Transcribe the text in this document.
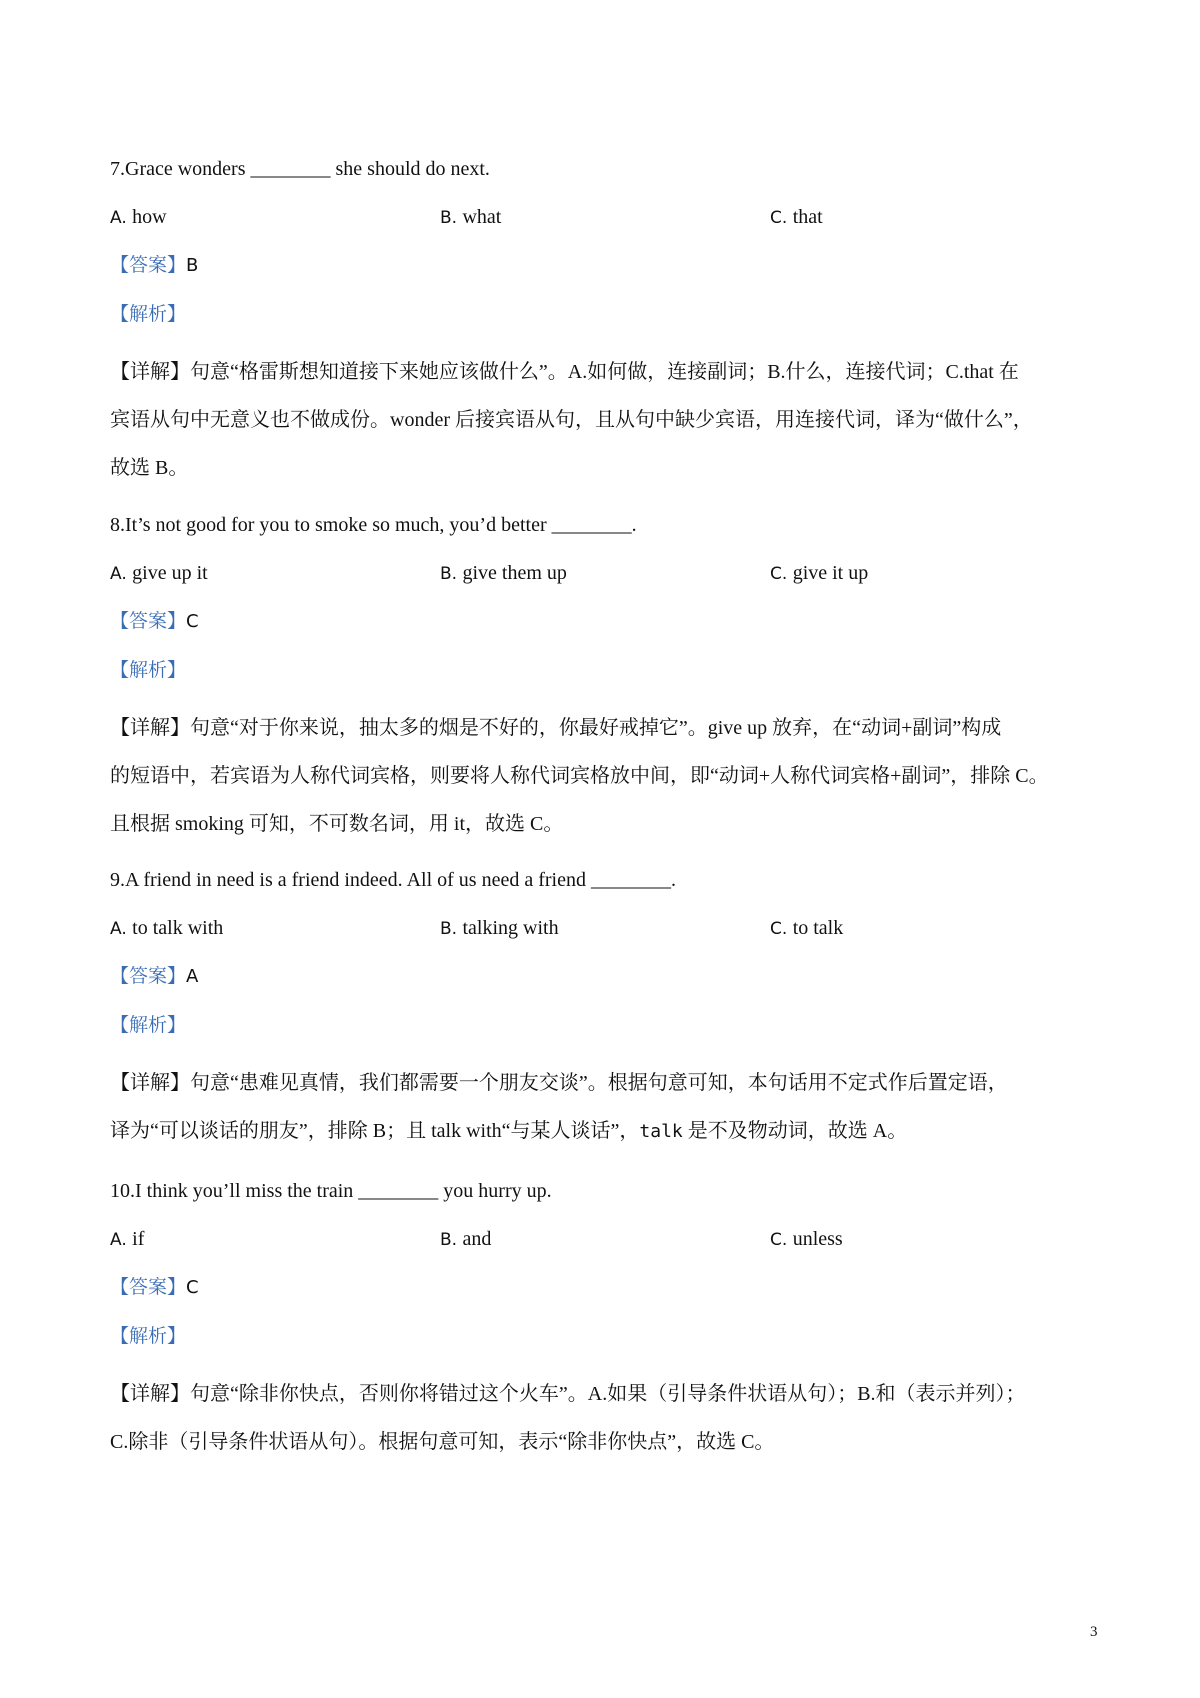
7.Grace wonders ________ she should do next.
A. how	B. what	C. that
【答案】B
【解析】
【详解】句意“格雷斯想知道接下来她应该做什么”。A.如何做，连接副词；B.什么，连接代词；C.that 在
宾语从句中无意义也不做成份。wonder 后接宾语从句，且从句中缺少宾语，用连接代词，译为“做什么”，
故选 B。
8.It’s not good for you to smoke so much, you’d better ________.
A. give up it	B. give them up	C. give it up
【答案】C
【解析】
【详解】句意“对于你来说，抽太多的烟是不好的，你最好戒掉它”。give up 放弃，在“动词+副词”构成
的短语中，若宾语为人称代词宾格，则要将人称代词宾格放中间，即“动词+人称代词宾格+副词”，排除 C。
且根据 smoking 可知，不可数名词，用 it，故选 C。
9.A friend in need is a friend indeed. All of us need a friend ________.
A. to talk with	B. talking with	C. to talk
【答案】A
【解析】
【详解】句意“患难见真情，我们都需要一个朋友交谈”。根据句意可知，本句话用不定式作后置定语，
译为“可以谈话的朋友”，排除 B；且 talk with“与某人谈话”，talk 是不及物动词，故选 A。
10.I think you’ll miss the train ________ you hurry up.
A. if	B. and	C. unless
【答案】C
【解析】
【详解】句意“除非你快点，否则你将错过这个火车”。A.如果（引导条件状语从句）；B.和（表示并列）；
C.除非（引导条件状语从句）。根据句意可知，表示“除非你快点”，故选 C。
3
